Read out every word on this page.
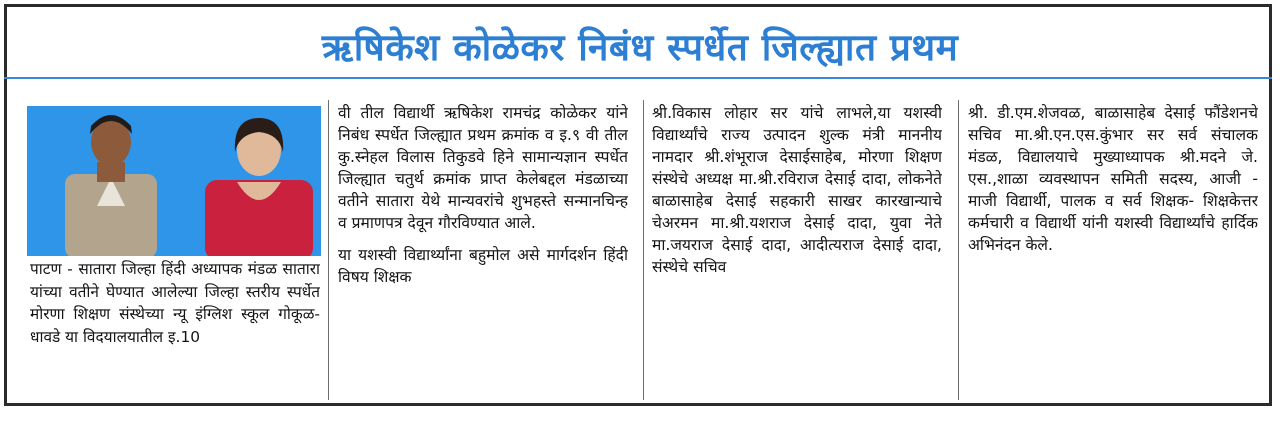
ऋषिकेश कोळेकर निबंध स्पर्धेत जिल्ह्यात प्रथम

पाटण - सातारा जिल्हा हिंदी अध्यापक मंडळ सातारा यांच्या वतीने घेण्यात आलेल्या जिल्हा स्तरीय स्पर्धेत मोरणा शिक्षण संस्थेच्या न्यू इंग्लिश स्कूल गोकूळ-धावडे या विदयालयातील इ.10

वी तील विद्यार्थी ऋषिकेश रामचंद्र कोळेकर यांने निबंध स्पर्धेत जिल्ह्यात प्रथम क्रमांक व इ.९ वी तील कु.स्नेहल विलास तिकुडवे हिने सामान्यज्ञान स्पर्धेत जिल्ह्यात चतुर्थ क्रमांक प्राप्त केलेबद्दल मंडळाच्या वतीने सातारा येथे मान्यवरांचे शुभहस्ते सन्मानचिन्ह व प्रमाणपत्र देवून गौरविण्यात आले.

या यशस्वी विद्यार्थ्यांना बहुमोल असे मार्गदर्शन हिंदी विषय शिक्षक

श्री.विकास लोहार सर यांचे लाभले,या यशस्वी विद्यार्थ्यांचे राज्य उत्पादन शुल्क मंत्री माननीय नामदार श्री.शंभूराज देसाईसाहेब, मोरणा शिक्षण संस्थेचे अध्यक्ष मा.श्री.रविराज देसाई दादा, लोकनेते बाळासाहेब देसाई सहकारी साखर कारखान्याचे चेअरमन मा.श्री.यशराज देसाई दादा, युवा नेते मा.जयराज देसाई दादा, आदीत्यराज देसाई दादा, संस्थेचे सचिव

श्री. डी.एम.शेजवळ, बाळासाहेब देसाई फौंडेशनचे सचिव मा.श्री.एन.एस.कुंभार सर सर्व संचालक मंडळ, विद्यालयाचे मुख्याध्यापक श्री.मदने जे. एस.,शाळा व्यवस्थापन समिती सदस्य, आजी - माजी विद्यार्थी, पालक व सर्व शिक्षक- शिक्षकेत्तर कर्मचारी व विद्यार्थी यांनी यशस्वी विद्यार्थ्यांचे हार्दिक अभिनंदन केले.
